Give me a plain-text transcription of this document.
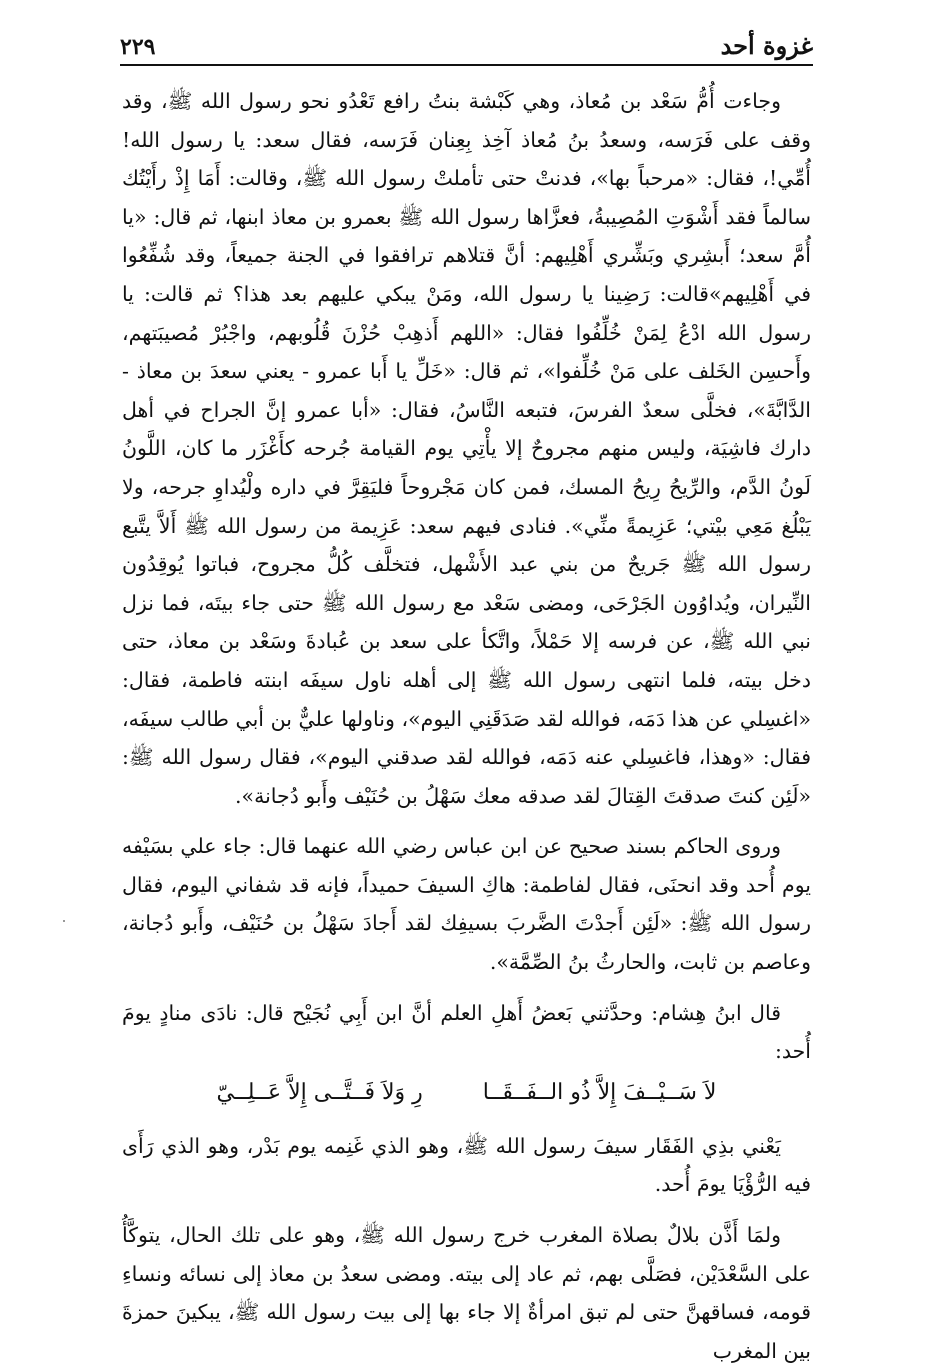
غزوة أحد
٢٢٩

وجاءت أُمُّ سَعْد بن مُعاذ، وهي كَبْشة بنتُ رافع تَعْدُو نحو رسول الله ﷺ، وقد وقف على فَرَسه، وسعدُ بنُ مُعاذ آخِذ بِعِنان فَرَسه، فقال سعد: يا رسول الله! أُمِّي!، فقال: «مرحباً بها»، فدنتْ حتى تأملتْ رسول الله ﷺ، وقالت: أَمَا إِذْ رأَيْتُك سالماً فقد أَشْوَتِ المُصِيبةُ، فعزَّاها رسول الله ﷺ بعمرو بن معاذ ابنها، ثم قال: «يا أُمَّ سعد؛ أَبشِري وبَشِّري أَهْلِيهم: أنَّ قتلاهم ترافقوا في الجنة جميعاً، وقد شُفِّعُوا في أَهْلِيهم»قالت: رَضِينا يا رسول الله، ومَنْ يبكي عليهم بعد هذا؟ ثم قالت: يا رسول الله ادْعُ لِمَنْ خُلِّفُوا فقال: «اللهم أَذهِبْ حُزْنَ قُلُوبهم، واجْبُرْ مُصيبَتهم، وأَحسِن الخَلف على مَنْ خُلِّفوا»، ثم قال: «خَلِّ يا أَبا عمرو - يعني سعدَ بن معاذ - الدَّابَّةَ»، فخلَّى سعدٌ الفرسَ، فتبعه النَّاسُ، فقال: «أبا عمرو إنَّ الجراح في أهل دارك فاشِيَة، وليس منهم مجروحٌ إلا يأْتِي يوم القيامة جُرحه كأَغْزَر ما كان، اللَّونُ لَونُ الدَّم، والرِّيحُ رِيحُ المسك، فمن كان مَجْروحاً فليَقِرَّ في داره ولْيُداوِ جرحه، ولا يَبْلُغ مَعِي بيْتي؛ عَزِيمةً منِّي». فنادى فيهم سعد: عَزِيمة من رسول الله ﷺ أَلاَّ يتَّبع رسول الله ﷺ جَريحٌ من بني عبد الأَشْهل، فتخلَّف كُلُّ مجروح، فباتوا يُوقِدُون النِّيران، ويُداوُون الجَرْحَى، ومضى سَعْد مع رسول الله ﷺ حتى جاء بيتَه، فما نزل نبي الله ﷺ، عن فرسه إلا حَمْلاً، واتَّكأ على سعد بن عُبادةَ وسَعْد بن معاذ، حتى دخل بيته، فلما انتهى رسول الله ﷺ إلى أهله ناول سيفَه ابنته فاطمة، فقال: «اغسِلي عن هذا دَمَه، فوالله لقد صَدَقَنِي اليوم»، وناولها عليٌّ بن أبي طالب سيفَه، فقال: «وهذا، فاغسِلي عنه دَمَه، فوالله لقد صدقني اليوم»، فقال رسول الله ﷺ: «لَئِن كنتَ صدقتَ القِتالَ لقد صدقه معك سَهْلُ بن حُنَيْف وأَبو دُجانة».

وروى الحاكم بسند صحيح عن ابن عباس رضي الله عنهما قال: جاء علي بسَيْفه يوم أُحد وقد انحنَى، فقال لفاطمة: هاكِ السيفَ حميداً، فإنه قد شفاني اليوم، فقال رسول الله ﷺ: «لَئِن أَجدْتَ الضَّربَ بسيفِك لقد أَجادَ سَهْلُ بن حُنَيْف، وأَبو دُجانة، وعاصم بن ثابت، والحارثُ بنُ الصِّمَّة».

قال ابنُ هِشام: وحدَّثني بَعضُ أَهلِ العلم أنَّ ابن أَبِي نُجَيْح قال: نادَى منادٍ يومَ أُحد:

لاَ سَــيْــفَ إِلاَّ ذُو الــفَــقَــا
رِ وَلاَ فَــتَّــى إِلاَّ عَــلِــيّ

يَعْني بذِي الفَقَار سيفَ رسول الله ﷺ، وهو الذي غَنِمه يوم بَدْر، وهو الذي رَأَى فيه الرُّؤْيَا يومَ أُحد.

ولمَا أَذَّن بلالٌ بصلاة المغرب خرج رسول الله ﷺ، وهو على تلك الحال، يتوكَّأُ على السَّعْدَيْن، فصَلَّى بهم، ثم عاد إلى بيته. ومضى سعدُ بن معاذ إلى نسائه ونساءِ قومه، فساقهنَّ حتى لم تبق امرأةٌ إلا جاء بها إلى بيت رسول الله ﷺ، يبكينَ حمزةَ بين المغرب
